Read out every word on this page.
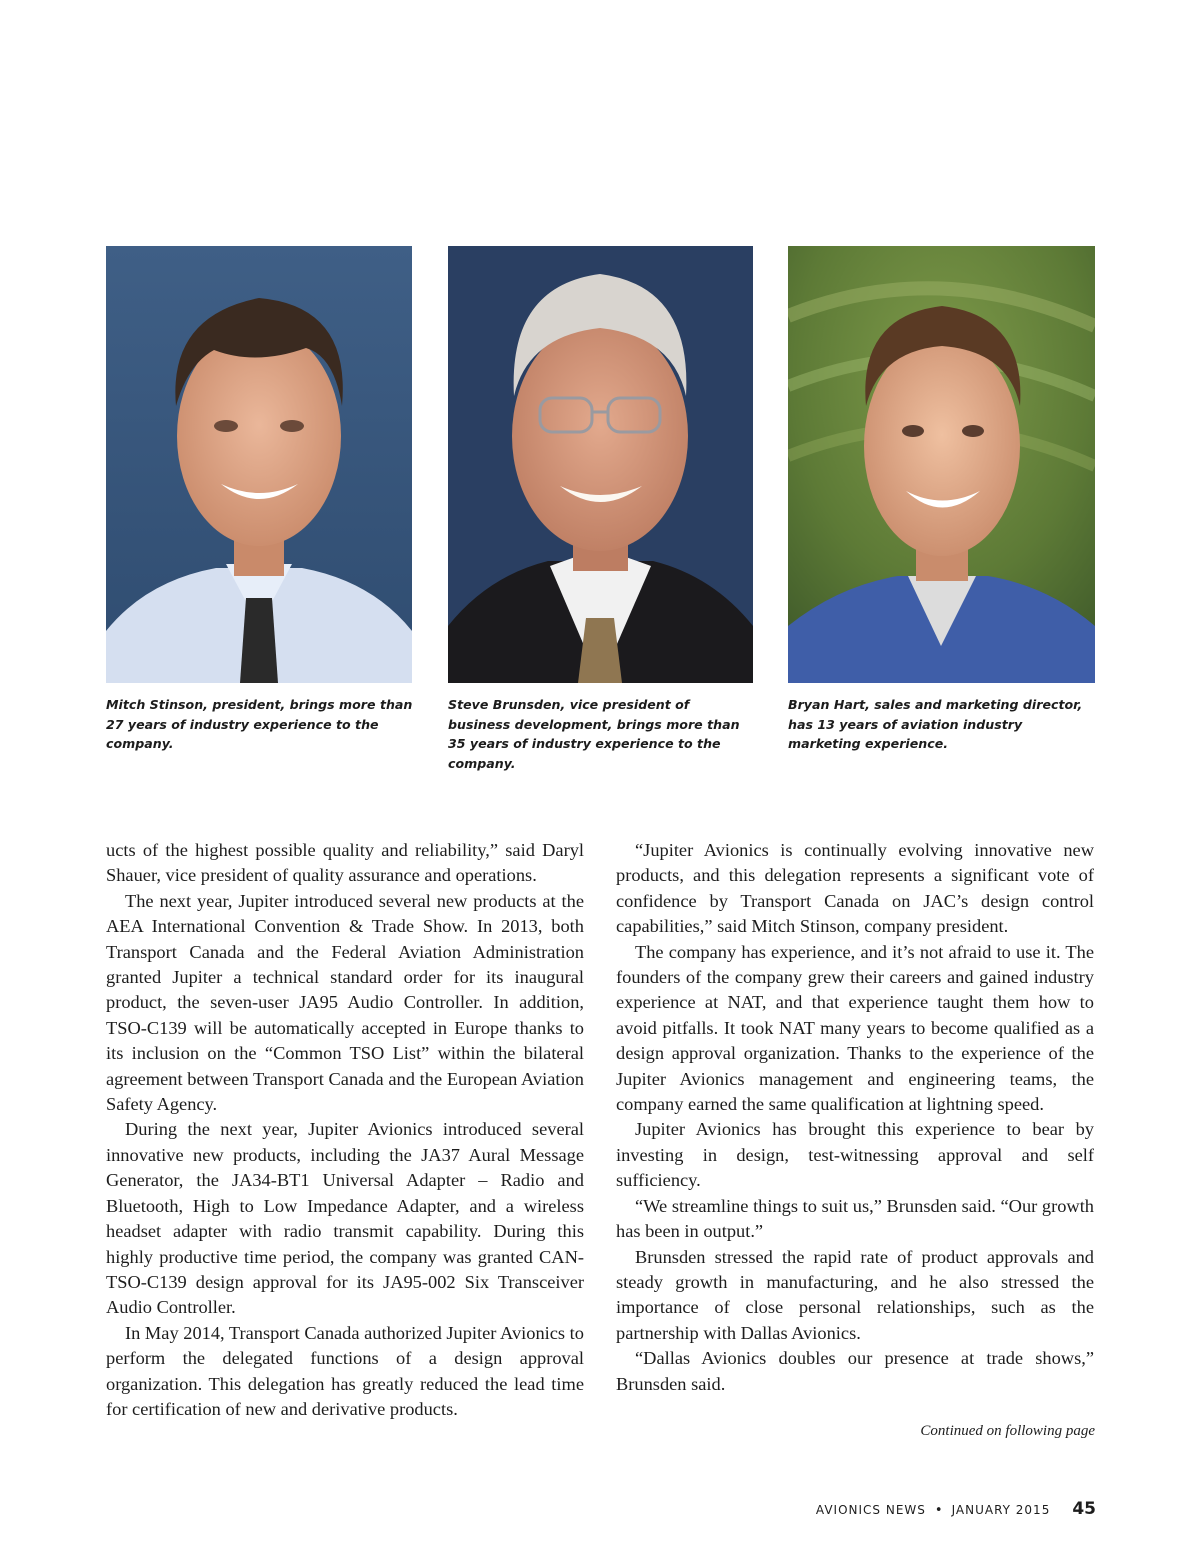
Mitch Stinson, president, brings more than 27 years of industry experience to the company.

Steve Brunsden, vice president of business development, brings more than 35 years of industry experience to the company.

Bryan Hart, sales and marketing director, has 13 years of aviation industry marketing experience.

ucts of the highest possible quality and reliability,” said Daryl Shauer, vice president of quality assurance and operations.

The next year, Jupiter introduced several new products at the AEA International Convention & Trade Show. In 2013, both Transport Canada and the Federal Aviation Administration granted Jupiter a technical standard order for its inaugural product, the seven-user JA95 Audio Controller. In addition, TSO-C139 will be automatically accepted in Europe thanks to its inclusion on the “Common TSO List” within the bilateral agreement between Transport Canada and the European Aviation Safety Agency.

During the next year, Jupiter Avionics introduced several innovative new products, including the JA37 Aural Message Generator, the JA34-BT1 Universal Adapter – Radio and Bluetooth, High to Low Impedance Adapter, and a wireless headset adapter with radio transmit capability. During this highly productive time period, the company was granted CAN-TSO-C139 design approval for its JA95-002 Six Transceiver Audio Controller.

In May 2014, Transport Canada authorized Jupiter Avionics to perform the delegated functions of a design approval organization. This delegation has greatly reduced the lead time for certification of new and derivative products.

“Jupiter Avionics is continually evolving innovative new products, and this delegation represents a significant vote of confidence by Transport Canada on JAC’s design control capabilities,” said Mitch Stinson, company president.

The company has experience, and it’s not afraid to use it. The founders of the company grew their careers and gained industry experience at NAT, and that experience taught them how to avoid pitfalls. It took NAT many years to become qualified as a design approval organization. Thanks to the experience of the Jupiter Avionics management and engineering teams, the company earned the same qualification at lightning speed.

Jupiter Avionics has brought this experience to bear by investing in design, test-witnessing approval and self sufficiency.

“We streamline things to suit us,” Brunsden said. “Our growth has been in output.”

Brunsden stressed the rapid rate of product approvals and steady growth in manufacturing, and he also stressed the importance of close personal relationships, such as the partnership with Dallas Avionics.

“Dallas Avionics doubles our presence at trade shows,” Brunsden said.

Continued on following page

AVIONICS NEWS • JANUARY 2015 45
